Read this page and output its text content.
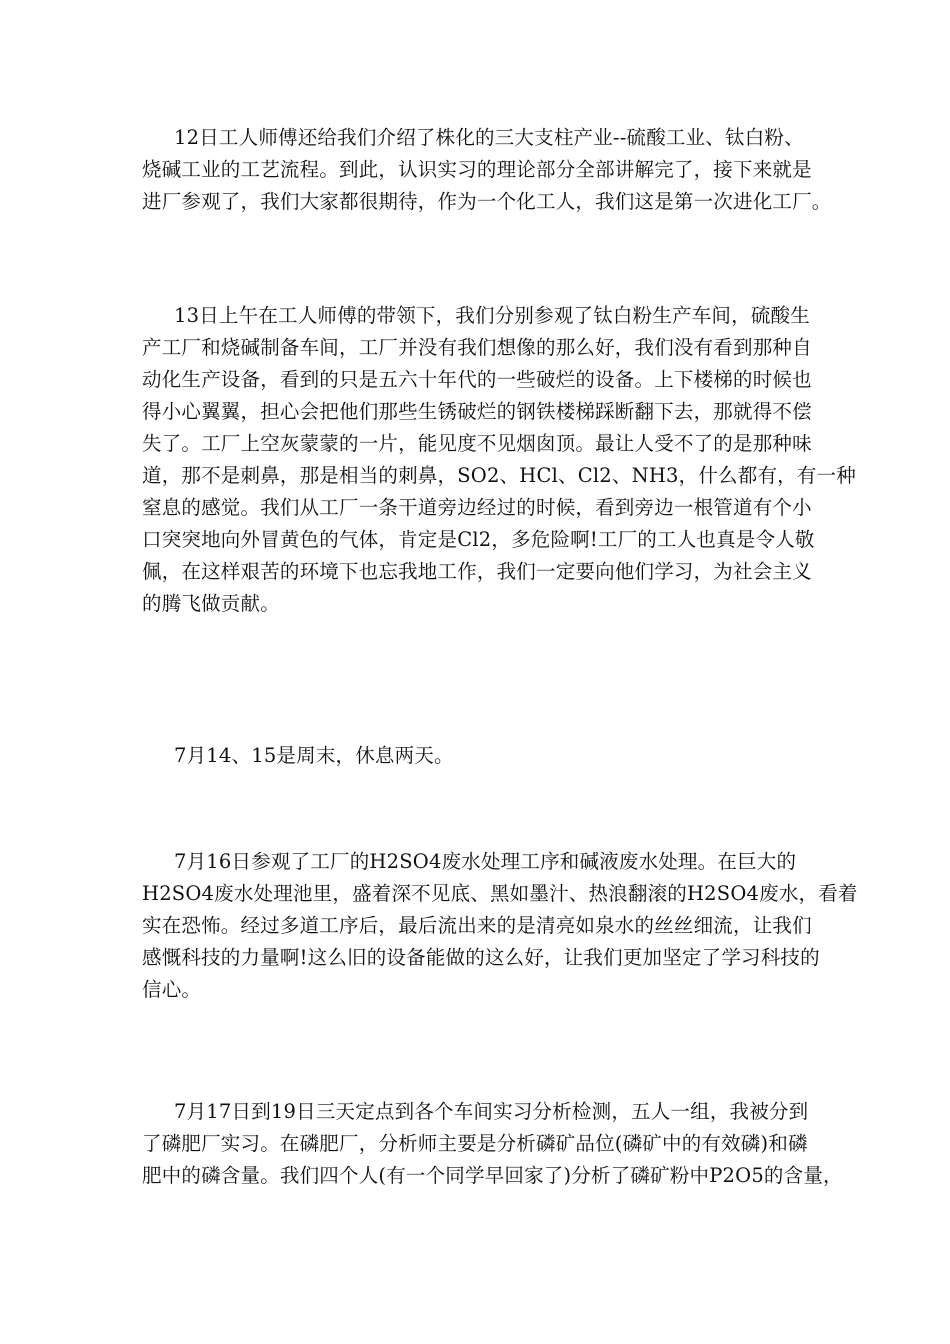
12日工人师傅还给我们介绍了株化的三大支柱产业--硫酸工业、钛白粉、
烧碱工业的工艺流程。到此，认识实习的理论部分全部讲解完了，接下来就是
进厂参观了，我们大家都很期待，作为一个化工人，我们这是第一次进化工厂。
13日上午在工人师傅的带领下，我们分别参观了钛白粉生产车间，硫酸生
产工厂和烧碱制备车间，工厂并没有我们想像的那么好，我们没有看到那种自
动化生产设备，看到的只是五六十年代的一些破烂的设备。上下楼梯的时候也
得小心翼翼，担心会把他们那些生锈破烂的钢铁楼梯踩断翻下去，那就得不偿
失了。工厂上空灰蒙蒙的一片，能见度不见烟囱顶。最让人受不了的是那种味
道，那不是刺鼻，那是相当的刺鼻，SO2、HCl、Cl2、NH3，什么都有，有一种
窒息的感觉。我们从工厂一条干道旁边经过的时候，看到旁边一根管道有个小
口突突地向外冒黄色的气体，肯定是Cl2，多危险啊!工厂的工人也真是令人敬
佩，在这样艰苦的环境下也忘我地工作，我们一定要向他们学习，为社会主义
的腾飞做贡献。
7月14、15是周末，休息两天。
7月16日参观了工厂的H2SO4废水处理工序和碱液废水处理。在巨大的
H2SO4废水处理池里，盛着深不见底、黑如墨汁、热浪翻滚的H2SO4废水，看着
实在恐怖。经过多道工序后，最后流出来的是清亮如泉水的丝丝细流，让我们
感慨科技的力量啊!这么旧的设备能做的这么好，让我们更加坚定了学习科技的
信心。
7月17日到19日三天定点到各个车间实习分析检测，五人一组，我被分到
了磷肥厂实习。在磷肥厂，分析师主要是分析磷矿品位(磷矿中的有效磷)和磷
肥中的磷含量。我们四个人(有一个同学早回家了)分析了磷矿粉中P2O5的含量，
